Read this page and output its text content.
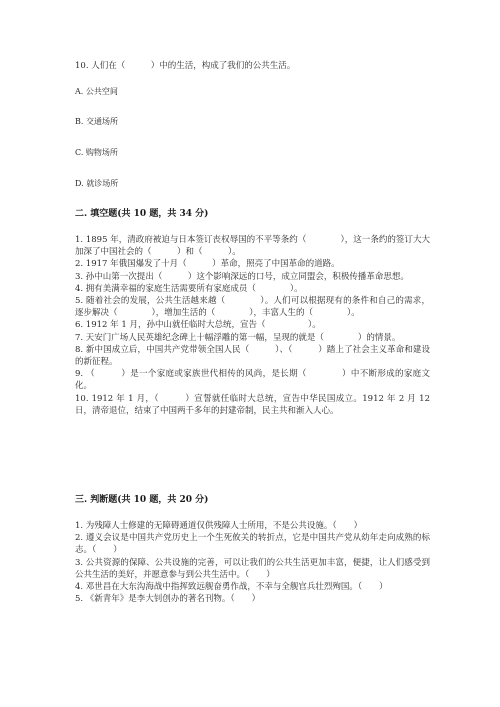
10. 人们在（　　　）中的生活，构成了我们的公共生活。
A. 公共空间
B. 交通场所
C. 购物场所
D. 就诊场所
二. 填空题(共 10 题，共 34 分)

1. 1895 年，清政府被迫与日本签订丧权辱国的不平等条约（　　　　），这一条约的签订大大加深了中国社会的（　　　）和（　　　）。

2. 1917 年俄国爆发了十月（　　　）革命，照亮了中国革命的道路。

3. 孙中山第一次提出（　　　）这个影响深远的口号，成立同盟会，积极传播革命思想。

4. 拥有美满幸福的家庭生活需要所有家庭成员（　　　　）。

5. 随着社会的发展，公共生活越来越（　　　　）。人们可以根据现有的条件和自己的需求，逐步解决（　　　　），增加生活的（　　　　），丰富人生的（　　　　）。

6. 1912 年 1 月，孙中山就任临时大总统，宣告（　　　　　）。

7. 天安门广场人民英雄纪念碑上十幅浮雕的第一幅，呈现的就是（　　　　）的情景。

8. 新中国成立后，中国共产党带领全国人民（　　　）、（　　　）踏上了社会主义革命和建设的新征程。

9. （　　　）是一个家庭或家族世代相传的风尚，是长期（　　　　）中不断形成的家庭文化。

10. 1912 年 1 月，（　　　）宣誓就任临时大总统，宣告中华民国成立。1912 年 2 月 12 日，清帝退位，结束了中国两千多年的封建帝制，民主共和渐入人心。

三. 判断题(共 10 题，共 20 分)

1. 为残障人士修建的无障碍通道仅供残障人士所用，不是公共设施。（　　）

2. 遵义会议是中国共产党历史上一个生死攸关的转折点，它是中国共产党从幼年走向成熟的标志。（　　）

3. 公共资源的保障、公共设施的完善，可以让我们的公共生活更加丰富，便捷，让人们感受到公共生活的美好，并愿意参与到公共生活中。（　　）

4. 邓世昌在大东沟海战中指挥致远舰奋勇作战，不幸与全舰官兵壮烈殉国。（　　）

5. 《新青年》是李大钊创办的著名刊物。（　　）
